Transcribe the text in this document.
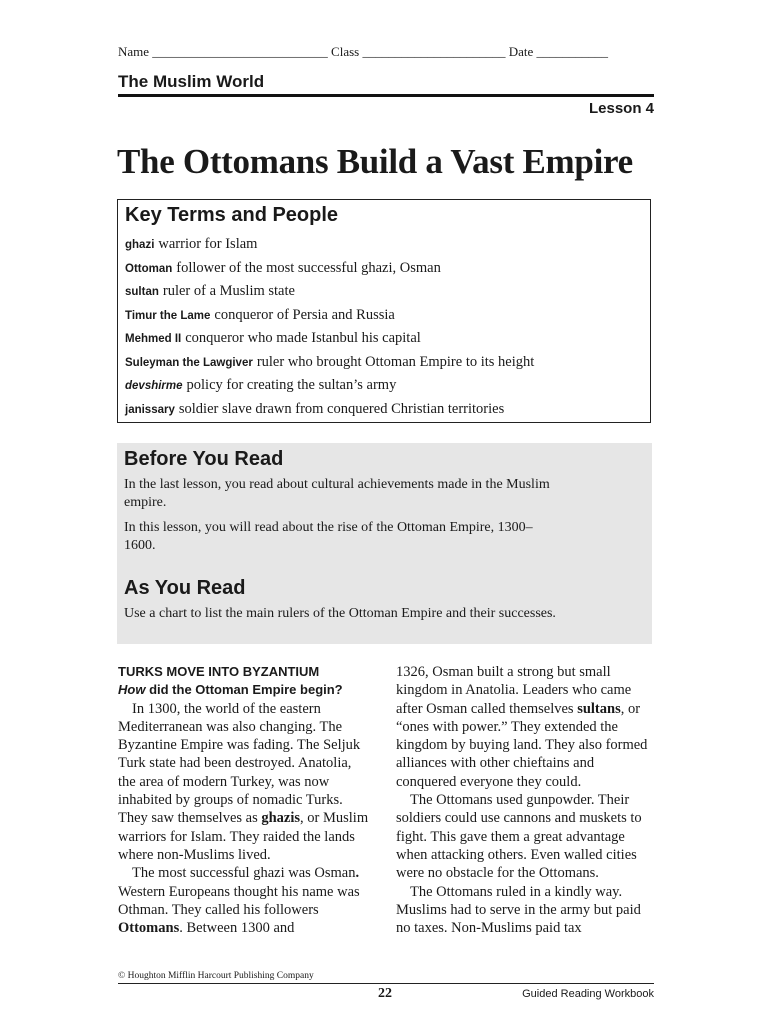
Name ___________________________ Class ______________________ Date ___________
The Muslim World
Lesson 4
The Ottomans Build a Vast Empire
Key Terms and People
ghazi warrior for Islam
Ottoman follower of the most successful ghazi, Osman
sultan ruler of a Muslim state
Timur the Lame conqueror of Persia and Russia
Mehmed II conqueror who made Istanbul his capital
Suleyman the Lawgiver ruler who brought Ottoman Empire to its height
devshirme policy for creating the sultan’s army
janissary soldier slave drawn from conquered Christian territories
Before You Read
In the last lesson, you read about cultural achievements made in the Muslim empire.
In this lesson, you will read about the rise of the Ottoman Empire, 1300–1600.
As You Read
Use a chart to list the main rulers of the Ottoman Empire and their successes.

TURKS MOVE INTO BYZANTIUM

How did the Ottoman Empire begin?

In 1300, the world of the eastern Mediterranean was also changing. The Byzantine Empire was fading. The Seljuk Turk state had been destroyed. Anatolia, the area of modern Turkey, was now inhabited by groups of nomadic Turks. They saw themselves as ghazis, or Muslim warriors for Islam. They raided the lands where non-Muslims lived.

The most successful ghazi was Osman. Western Europeans thought his name was Othman. They called his followers Ottomans. Between 1300 and

1326, Osman built a strong but small kingdom in Anatolia. Leaders who came after Osman called themselves sultans, or “ones with power.” They extended the kingdom by buying land. They also formed alliances with other chieftains and conquered everyone they could.

The Ottomans used gunpowder. Their soldiers could use cannons and muskets to fight. This gave them a great advantage when attacking others. Even walled cities were no obstacle for the Ottomans.

The Ottomans ruled in a kindly way. Muslims had to serve in the army but paid no taxes. Non-Muslims paid tax

© Houghton Mifflin Harcourt Publishing Company
22	Guided Reading Workbook
